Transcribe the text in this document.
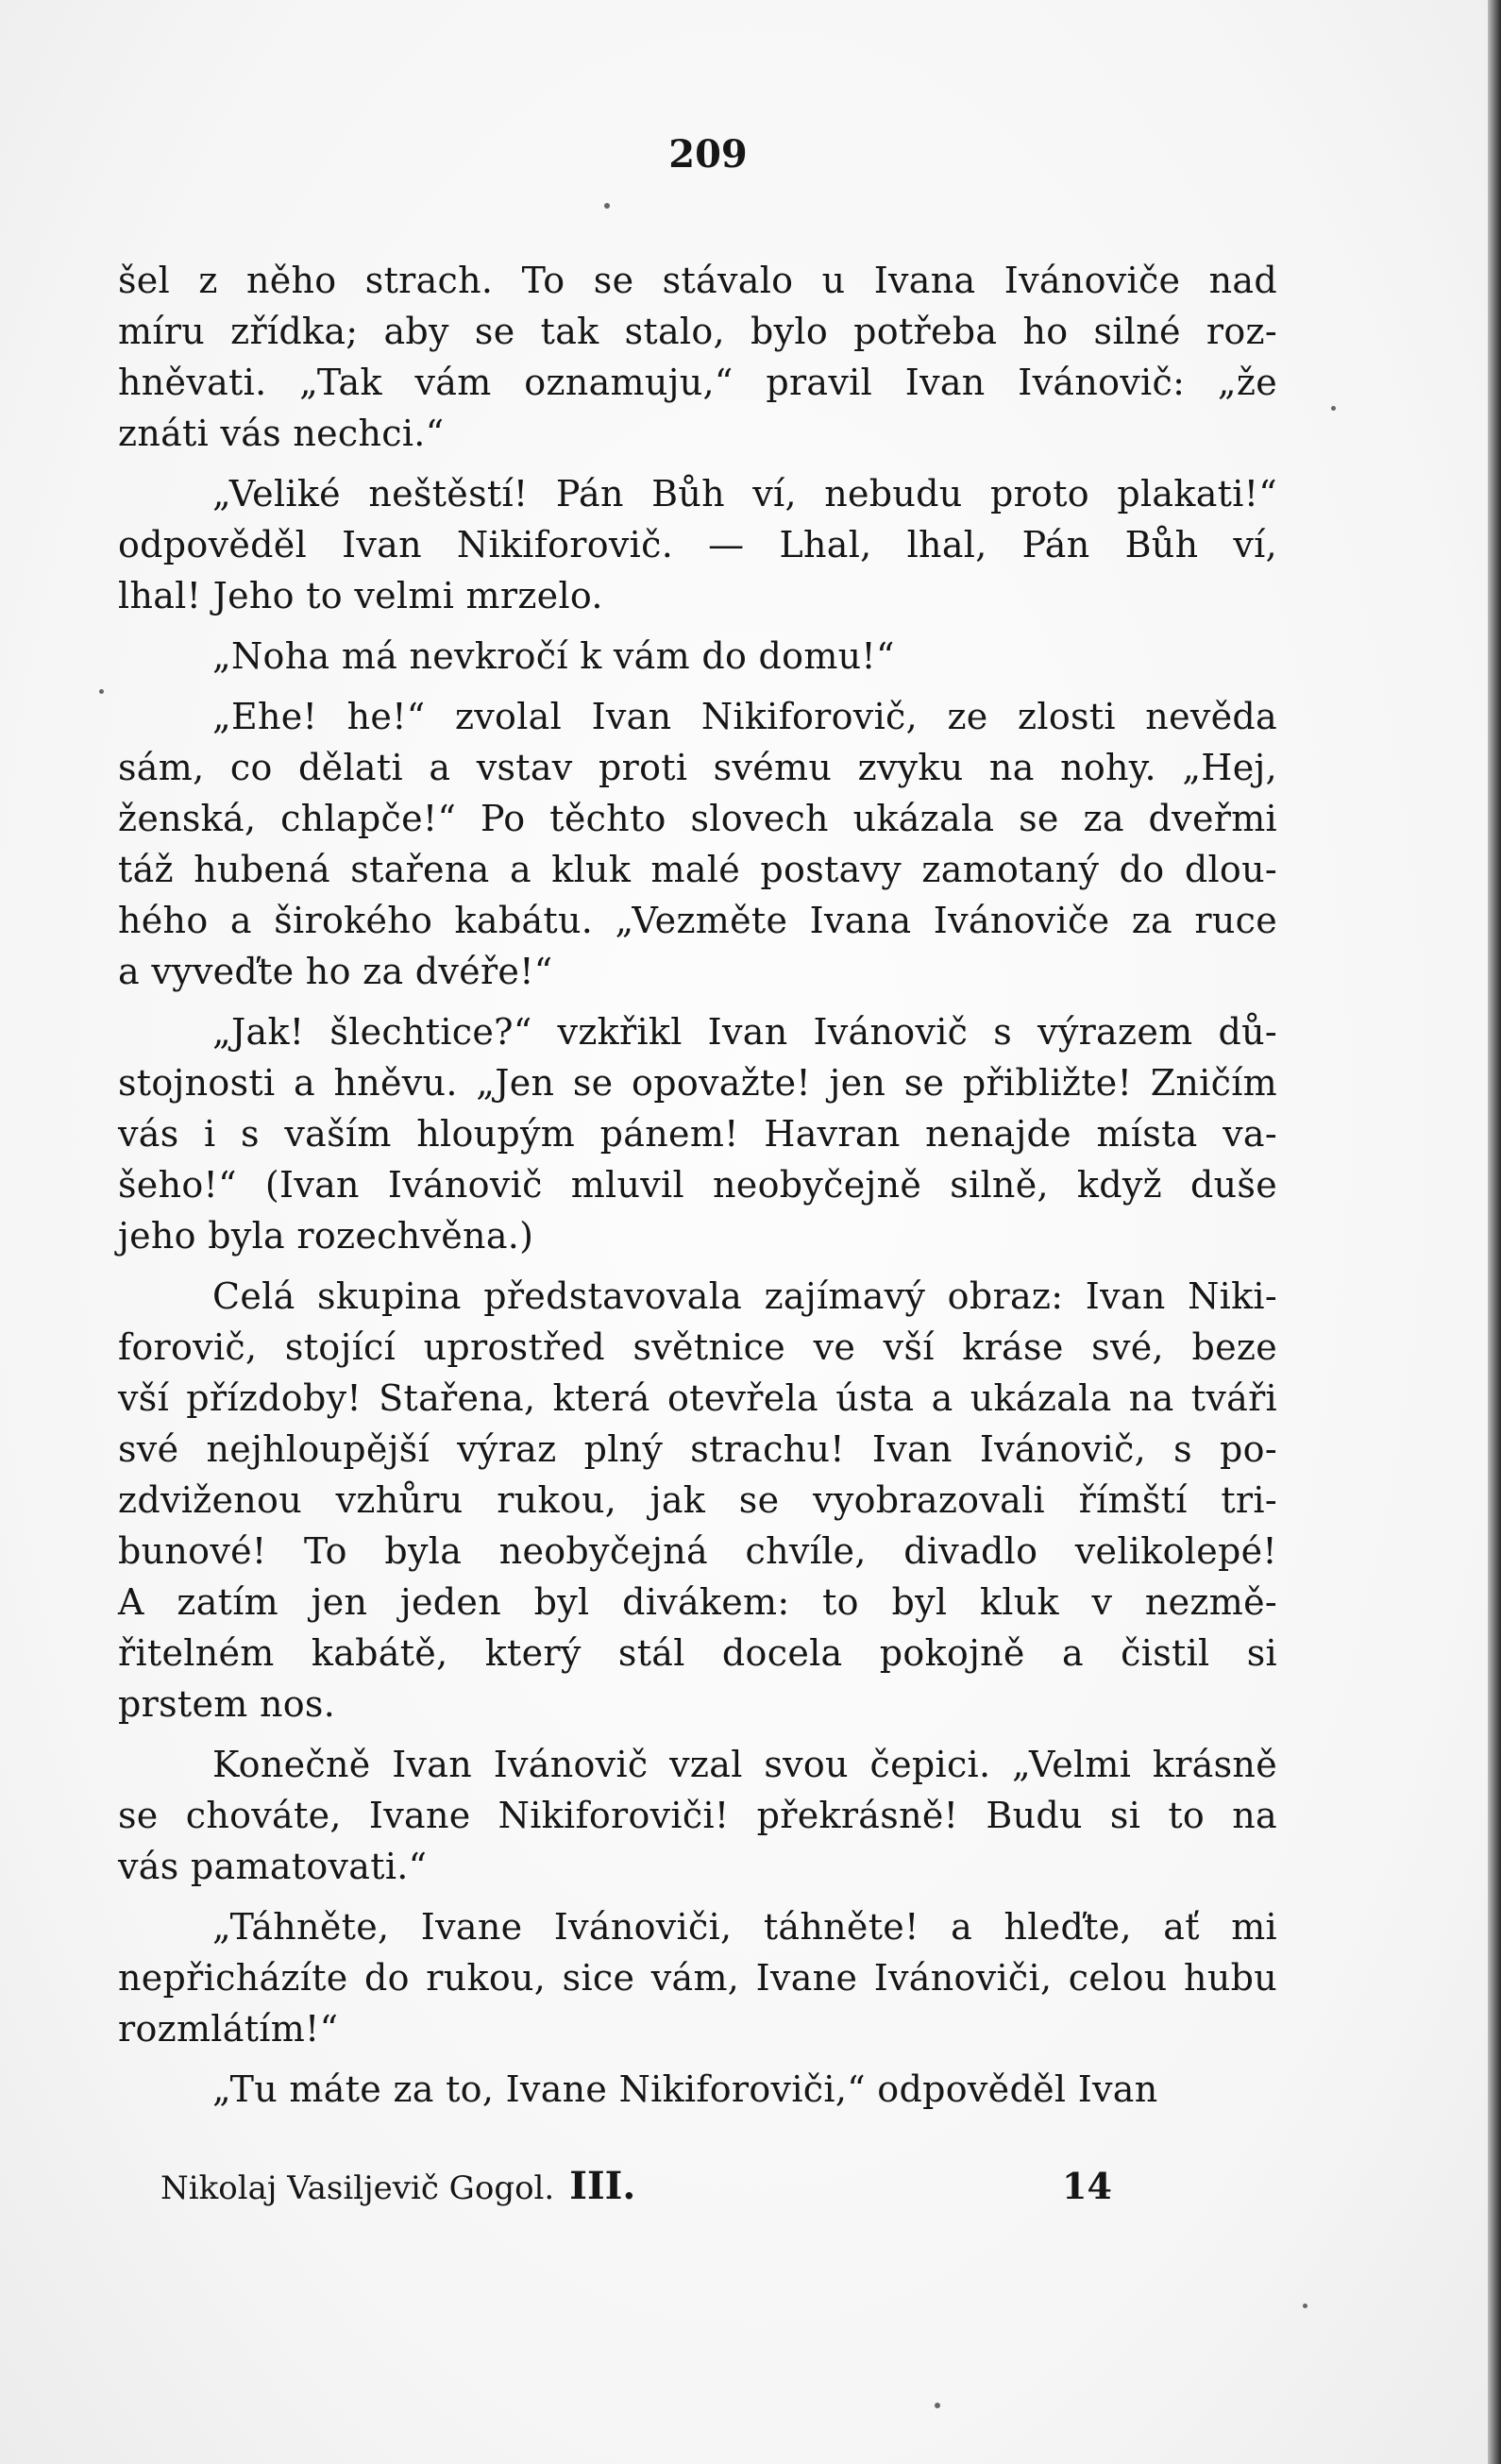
209
šel z něho strach. To se stávalo u Ivana Ivánoviče nad
míru zřídka; aby se tak stalo, bylo potřeba ho silné roz-
hněvati. „Tak vám oznamuju,“ pravil Ivan Ivánovič: „že
znáti vás nechci.“
„Veliké neštěstí! Pán Bůh ví, nebudu proto plakati!“
odpověděl Ivan Nikiforovič. — Lhal, lhal, Pán Bůh ví,
lhal! Jeho to velmi mrzelo.
„Noha má nevkročí k vám do domu!“
„Ehe! he!“ zvolal Ivan Nikiforovič, ze zlosti nevěda
sám, co dělati a vstav proti svému zvyku na nohy. „Hej,
ženská, chlapče!“ Po těchto slovech ukázala se za dveřmi
táž hubená stařena a kluk malé postavy zamotaný do dlou-
hého a širokého kabátu. „Vezměte Ivana Ivánoviče za ruce
a vyveďte ho za dvéře!“
„Jak! šlechtice?“ vzkřikl Ivan Ivánovič s výrazem dů-
stojnosti a hněvu. „Jen se opovažte! jen se přibližte! Zničím
vás i s vaším hloupým pánem! Havran nenajde místa va-
šeho!“ (Ivan Ivánovič mluvil neobyčejně silně, když duše
jeho byla rozechvěna.)
Celá skupina představovala zajímavý obraz: Ivan Niki-
forovič, stojící uprostřed světnice ve vší kráse své, beze
vší přízdoby! Stařena, která otevřela ústa a ukázala na tváři
své nejhloupější výraz plný strachu! Ivan Ivánovič, s po-
zdviženou vzhůru rukou, jak se vyobrazovali římští tri-
bunové! To byla neobyčejná chvíle, divadlo velikolepé!
A zatím jen jeden byl divákem: to byl kluk v nezmě-
řitelném kabátě, který stál docela pokojně a čistil si
prstem nos.
Konečně Ivan Ivánovič vzal svou čepici. „Velmi krásně
se chováte, Ivane Nikiforoviči! překrásně! Budu si to na
vás pamatovati.“
„Táhněte, Ivane Ivánoviči, táhněte! a hleďte, ať mi
nepřicházíte do rukou, sice vám, Ivane Ivánoviči, celou hubu
rozmlátím!“
„Tu máte za to, Ivane Nikiforoviči,“ odpověděl Ivan
Nikolaj Vasiljevič Gogol. III.	14
